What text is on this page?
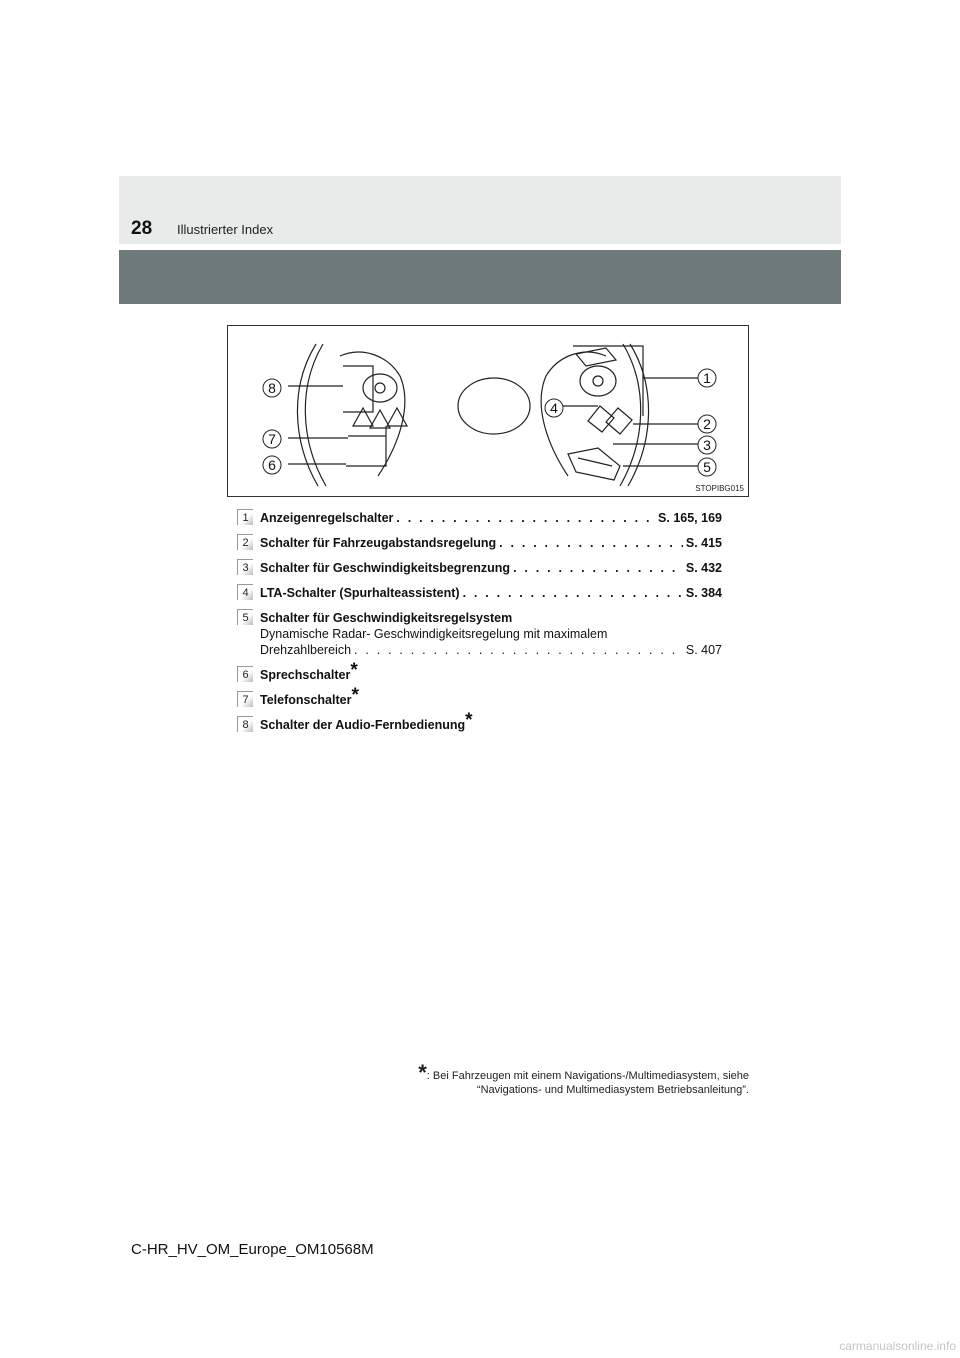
28 Illustrierter Index
8
7
6
4
1
2
3
5
STOPIBG015
1 Anzeigenregelschalter . . .	S. 165, 169
2 Schalter für Fahrzeugabstandsregelung . . .	S. 415
3 Schalter für Geschwindigkeitsbegrenzung . . .	S. 432
4 LTA-Schalter (Spurhalteassistent) . . .	S. 384
5 Schalter für Geschwindigkeitsregelsystem
Dynamische Radar- Geschwindigkeitsregelung mit maximalem
Drehzahlbereich . . .	S. 407
6 Sprechschalter*
7 Telefonschalter*
8 Schalter der Audio-Fernbedienung*
*: Bei Fahrzeugen mit einem Navigations-/Multimediasystem, siehe
“Navigations- und Multimediasystem Betriebsanleitung”.
C-HR_HV_OM_Europe_OM10568M
carmanualsonline.info
